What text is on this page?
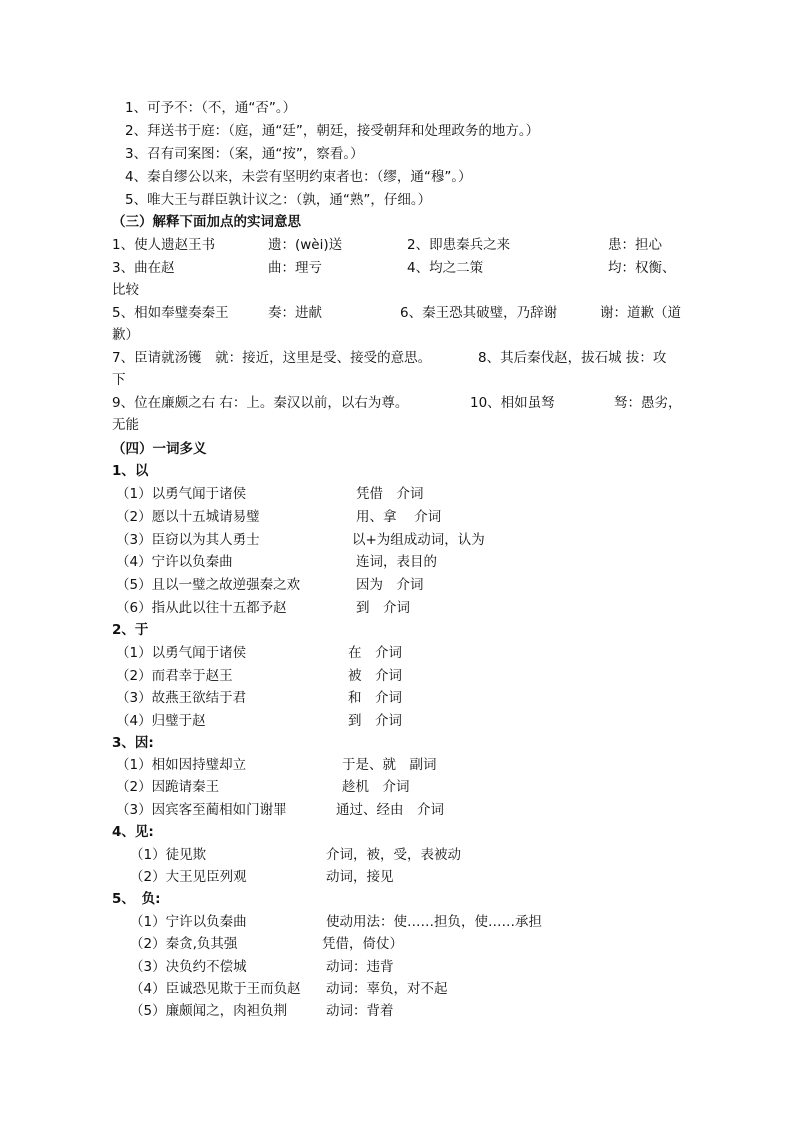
1、可予不：（不，通“否”。）
2、拜送书于庭：（庭，通“廷”，朝廷，接受朝拜和处理政务的地方。）
3、召有司案图：（案，通“按”，察看。）
4、秦自缪公以来，未尝有坚明约束者也：（缪，通“穆”。）
5、唯大王与群臣孰计议之：（孰，通“熟”，仔细。）
（三）解释下面加点的实词意思
1、使人遗赵王书	遗：(wèi)送	2、即患秦兵之来	患：担心
3、曲在赵	曲：理亏	4、均之二策	均：权衡、
比较
5、相如奉璧奏秦王	奏：进献	6、秦王恐其破璧，乃辞谢	谢：道歉（道
歉）
7、臣请就汤镬　就：接近，这里是受、接受的意思。	8、其后秦伐赵，拔石城 拔：攻
下
9、位在廉颇之右 右：上。秦汉以前，以右为尊。	10、相如虽驽	驽：愚劣，
无能
（四）一词多义
1、以
（1）以勇气闻于诸侯	凭借　介词
（2）愿以十五城请易璧	用、拿　 介词
（3）臣窃以为其人勇士	以+为组成动词，认为
（4）宁许以负秦曲	连词，表目的
（5）且以一璧之故逆强秦之欢	因为　介词
（6）指从此以往十五都予赵	到　介词
2、于
（1）以勇气闻于诸侯	在　介词
（2）而君幸于赵王	被　介词
（3）故燕王欲结于君	和　介词
（4）归璧于赵	到　介词
3、因:
（1）相如因持璧却立	于是、就　副词
（2）因跪请秦王	趁机　介词
（3）因宾客至蔺相如门谢罪	通过、经由　介词
4、见:
（1）徒见欺	介词，被，受，表被动
（2）大王见臣列观	动词，接见
5、　负:
（1）宁许以负秦曲	使动用法：使……担负，使……承担
（2）秦贪,负其强	凭借，倚仗）
（3）决负约不偿城	动词：违背
（4）臣诚恐见欺于王而负赵 动词：辜负，对不起
（5）廉颇闻之，肉袒负荆	动词：背着
